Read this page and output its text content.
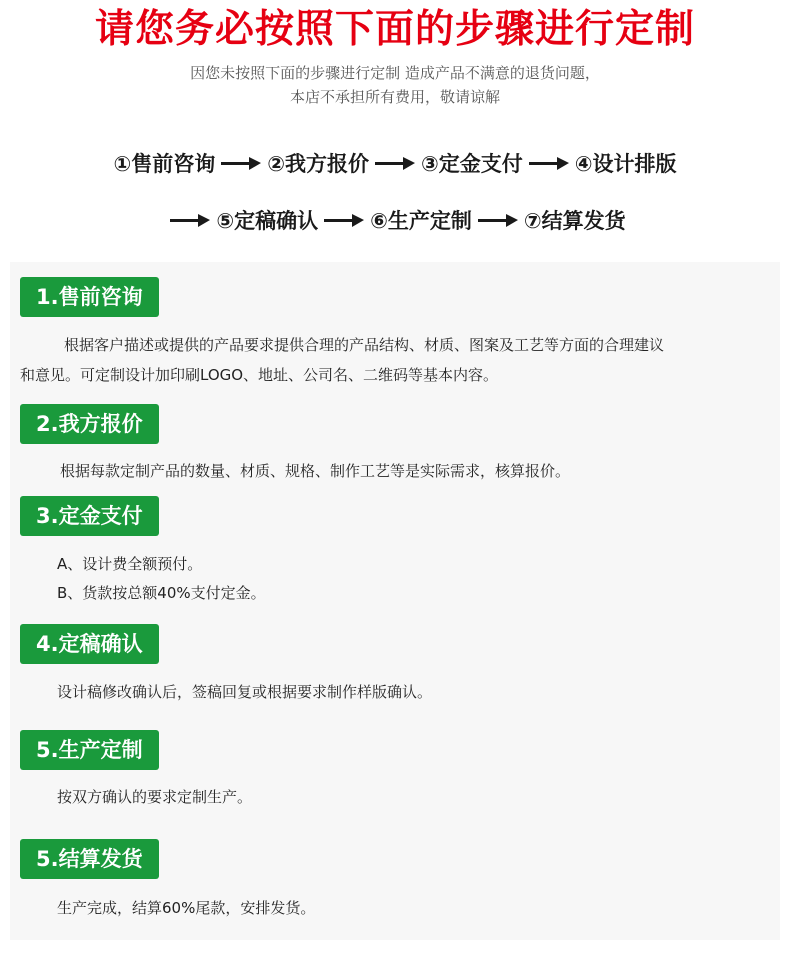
请您务必按照下面的步骤进行定制
因您未按照下面的步骤进行定制 造成产品不满意的退货问题，
本店不承担所有费用，敬请谅解
①售前咨询 ②我方报价 ③定金支付 ④设计排版
⑤定稿确认 ⑥生产定制 ⑦结算发货
1.售前咨询
根据客户描述或提供的产品要求提供合理的产品结构、材质、图案及工艺等方面的合理建议
和意见。可定制设计加印刷LOGO、地址、公司名、二维码等基本内容。
2.我方报价
根据每款定制产品的数量、材质、规格、制作工艺等是实际需求，核算报价。
3.定金支付
A、设计费全额预付。
B、货款按总额40%支付定金。
4.定稿确认
设计稿修改确认后，签稿回复或根据要求制作样版确认。
5.生产定制
按双方确认的要求定制生产。
5.结算发货
生产完成，结算60%尾款，安排发货。
